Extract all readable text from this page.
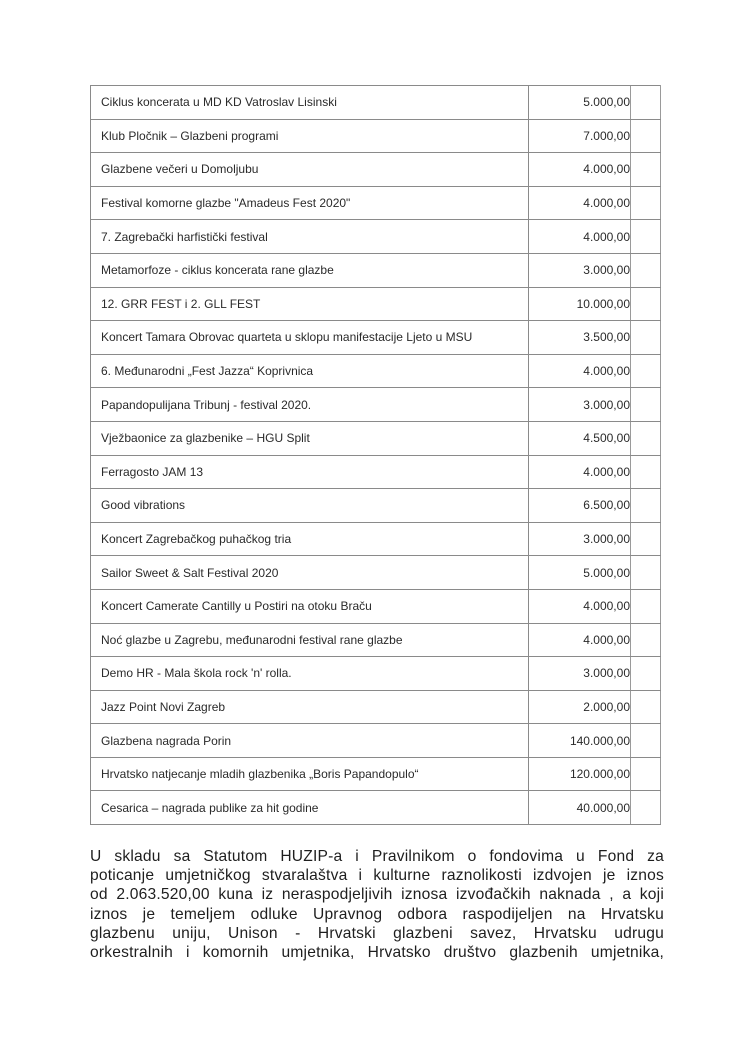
Ciklus koncerata u MD KD Vatroslav Lisinski	5.000,00	
Klub Pločnik – Glazbeni programi	7.000,00	
Glazbene večeri u Domoljubu	4.000,00	
Festival komorne glazbe "Amadeus Fest 2020"	4.000,00	
7. Zagrebački harfistički festival	4.000,00	
Metamorfoze - ciklus koncerata rane glazbe	3.000,00	
12. GRR FEST i 2. GLL FEST	10.000,00	
Koncert Tamara Obrovac quarteta u sklopu manifestacije Ljeto u MSU	3.500,00	
6. Međunarodni „Fest Jazza“ Koprivnica	4.000,00	
Papandopulijana Tribunj - festival 2020.	3.000,00	
Vježbaonice za glazbenike – HGU Split	4.500,00	
Ferragosto JAM 13	4.000,00	
Good vibrations	6.500,00	
Koncert Zagrebačkog puhačkog tria	3.000,00	
Sailor Sweet & Salt Festival 2020	5.000,00	
Koncert Camerate Cantilly u Postiri na otoku Braču	4.000,00	
Noć glazbe u Zagrebu, međunarodni festival rane glazbe	4.000,00	
Demo HR - Mala škola rock 'n' rolla.	3.000,00	
Jazz Point Novi Zagreb	2.000,00	
Glazbena nagrada Porin	140.000,00	
Hrvatsko natjecanje mladih glazbenika „Boris Papandopulo“	120.000,00	
Cesarica – nagrada publike za hit godine	40.000,00	
U skladu sa Statutom HUZIP-a i Pravilnikom o fondovima u Fond za
poticanje umjetničkog stvaralaštva i kulturne raznolikosti izdvojen je iznos
od 2.063.520,00 kuna iz neraspodjeljivih iznosa izvođačkih naknada , a koji
iznos je temeljem odluke Upravnog odbora raspodijeljen na Hrvatsku
glazbenu uniju, Unison - Hrvatski glazbeni savez, Hrvatsku udrugu
orkestralnih i komornih umjetnika, Hrvatsko društvo glazbenih umjetnika,
